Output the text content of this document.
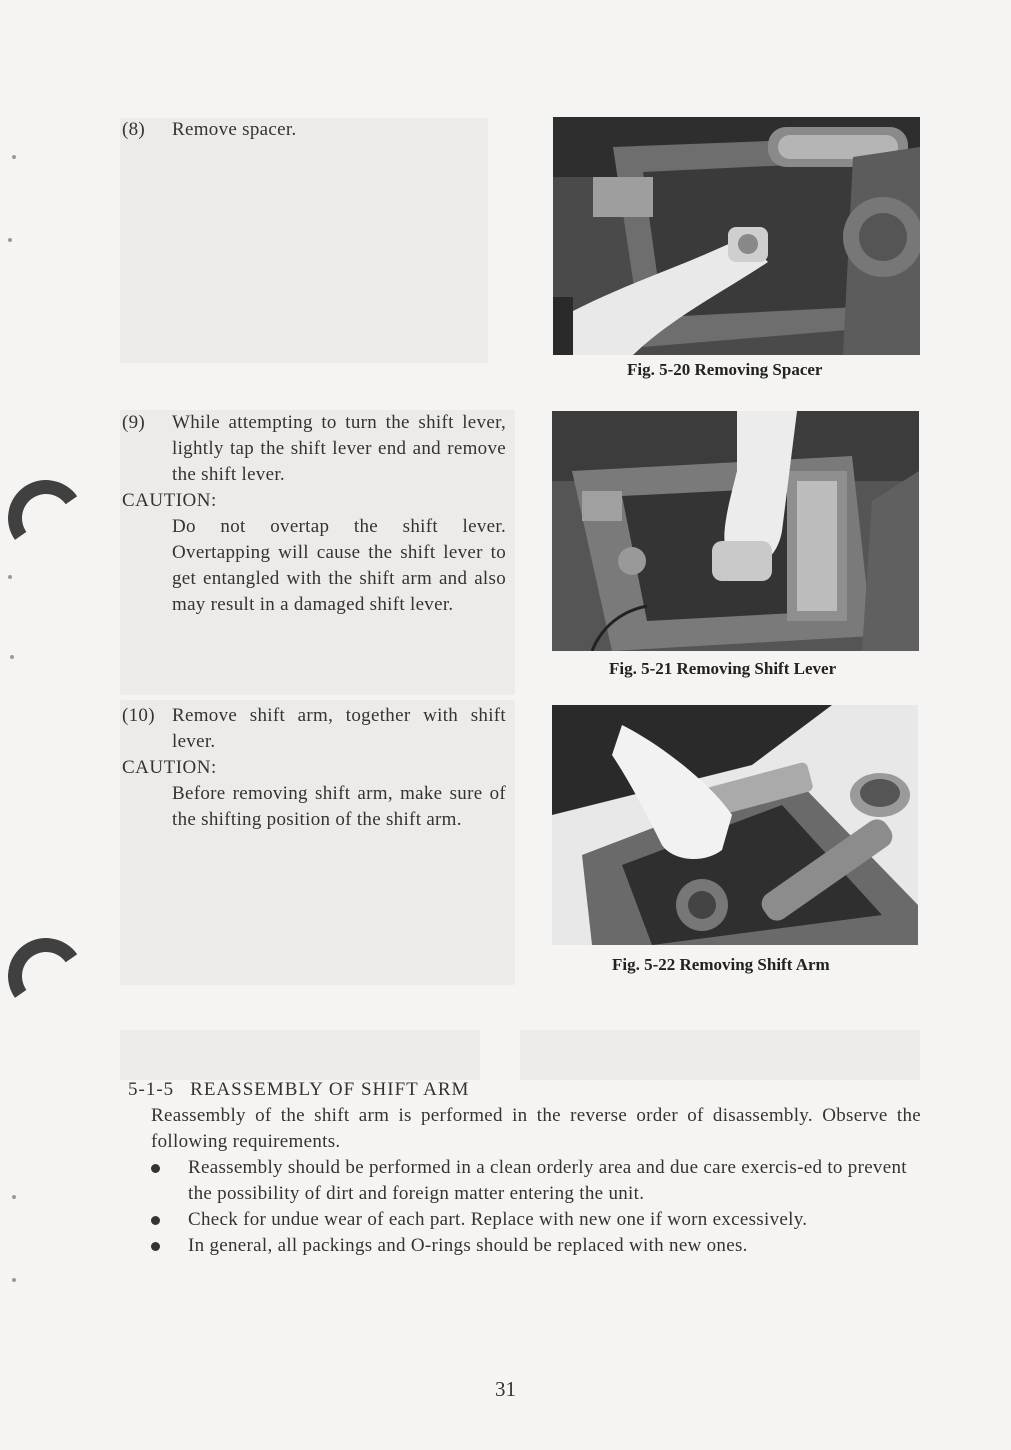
(8) Remove spacer.
(9) While attempting to turn the shift lever, lightly tap the shift lever end and remove the shift lever.
CAUTION:
Do not overtap the shift lever. Overtapping will cause the shift lever to get entangled with the shift arm and also may result in a damaged shift lever.
(10) Remove shift arm, together with shift lever.
CAUTION:
Before removing shift arm, make sure of the shifting position of the shift arm.
Fig. 5-20 Removing Spacer
Fig. 5-21 Removing Shift Lever
Fig. 5-22 Removing Shift Arm
5-1-5 REASSEMBLY OF SHIFT ARM
Reassembly of the shift arm is performed in the reverse order of disassembly. Observe the following requirements.
Reassembly should be performed in a clean orderly area and due care exercis-ed to prevent the possibility of dirt and foreign matter entering the unit.
Check for undue wear of each part. Replace with new one if worn excessively.
In general, all packings and O-rings should be replaced with new ones.
31
